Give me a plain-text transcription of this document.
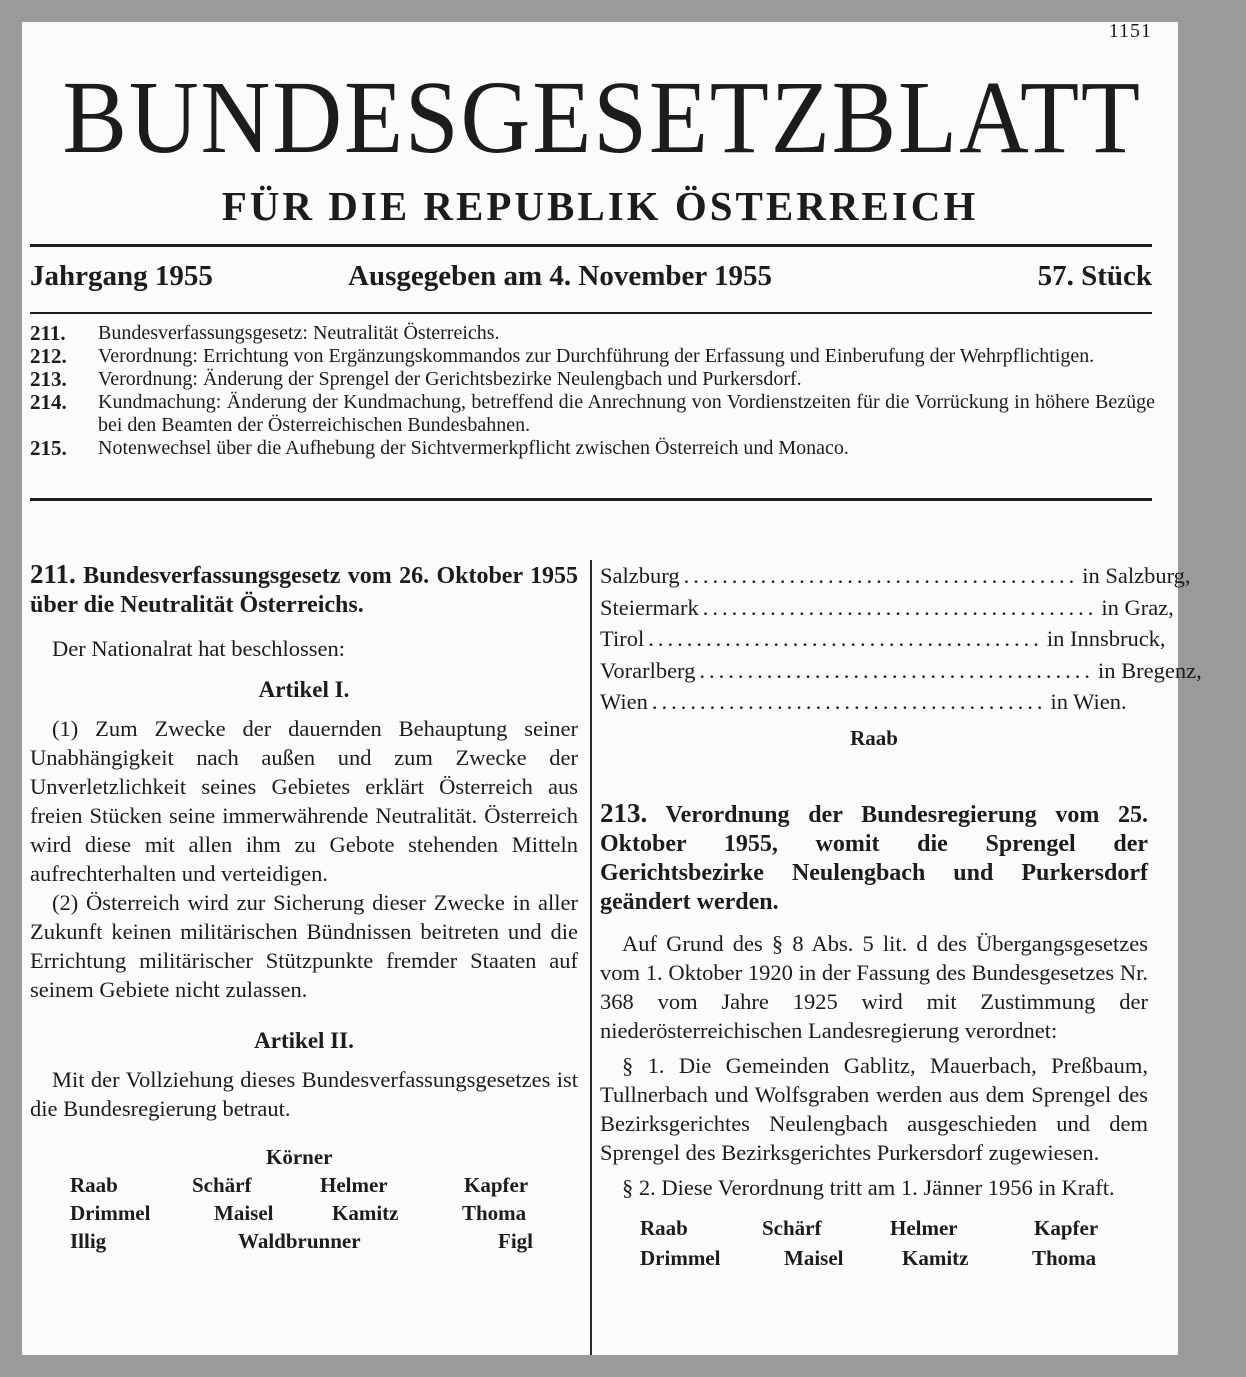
1151
BUNDESGESETZBLATT
FÜR DIE REPUBLIK ÖSTERREICH
Jahrgang 1955	Ausgegeben am 4. November 1955	57. Stück
211.	Bundesverfassungsgesetz: Neutralität Österreichs.
212.	Verordnung: Errichtung von Ergänzungskommandos zur Durchführung der Erfassung und Einberufung der Wehrpflichtigen.
213.	Verordnung: Änderung der Sprengel der Gerichtsbezirke Neulengbach und Purkersdorf.
214.	Kundmachung: Änderung der Kundmachung, betreffend die Anrechnung von Vordienstzeiten für die Vorrückung in höhere Bezüge bei den Beamten der Österreichischen Bundesbahnen.
215.	Notenwechsel über die Aufhebung der Sichtvermerkpflicht zwischen Österreich und Monaco.
211. Bundesverfassungsgesetz vom 26. Oktober 1955 über die Neutralität Österreichs.

Der Nationalrat hat beschlossen:

Artikel I.

(1) Zum Zwecke der dauernden Behauptung seiner Unabhängigkeit nach außen und zum Zwecke der Unverletzlichkeit seines Gebietes erklärt Österreich aus freien Stücken seine immerwährende Neutralität. Österreich wird diese mit allen ihm zu Gebote stehenden Mitteln aufrechterhalten und verteidigen.

(2) Österreich wird zur Sicherung dieser Zwecke in aller Zukunft keinen militärischen Bündnissen beitreten und die Errichtung militärischer Stützpunkte fremder Staaten auf seinem Gebiete nicht zulassen.

Artikel II.

Mit der Vollziehung dieses Bundesverfassungsgesetzes ist die Bundesregierung betraut.

Körner
Raab	Schärf	Helmer	Kapfer
Drimmel	Maisel	Kamitz	Thoma
Illig	Waldbrunner	Figl
Salzburg ......................................... in Salzburg,
Steiermark ......................................... in Graz,
Tirol ......................................... in Innsbruck,
Vorarlberg ......................................... in Bregenz,
Wien ......................................... in Wien.
Raab
213. Verordnung der Bundesregierung vom 25. Oktober 1955, womit die Sprengel der Gerichtsbezirke Neulengbach und Purkersdorf geändert werden.

Auf Grund des § 8 Abs. 5 lit. d des Übergangsgesetzes vom 1. Oktober 1920 in der Fassung des Bundesgesetzes Nr. 368 vom Jahre 1925 wird mit Zustimmung der niederösterreichischen Landesregierung verordnet:

§ 1. Die Gemeinden Gablitz, Mauerbach, Preßbaum, Tullnerbach und Wolfsgraben werden aus dem Sprengel des Bezirksgerichtes Neulengbach ausgeschieden und dem Sprengel des Bezirksgerichtes Purkersdorf zugewiesen.

§ 2. Diese Verordnung tritt am 1. Jänner 1956 in Kraft.

Raab	Schärf	Helmer	Kapfer
Drimmel	Maisel	Kamitz	Thoma
